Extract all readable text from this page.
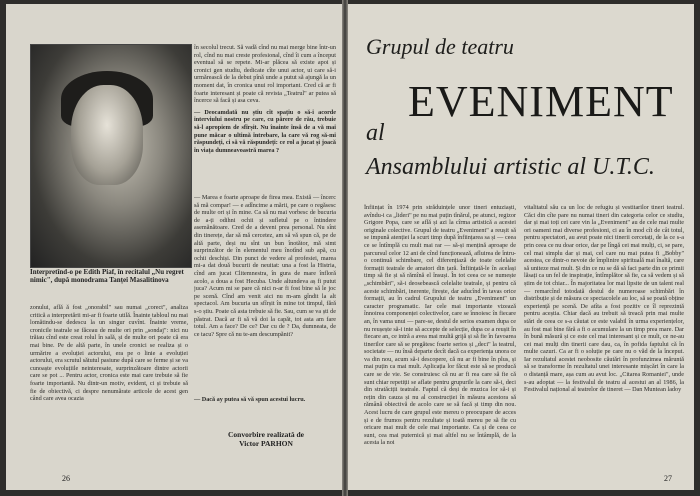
Interpretînd-o pe Edith Piaf, în recitalul „Nu regret nimic", după monodrama Tanței Masalitinova

în secolul trecut. Să vadă cînd nu mai merge bine într-un rol, cînd nu mai creste profesional, cînd îi cum a început eventual să se repete. Mi-ar plăcea să existe apoi și cronici gen studiu, dedicate cîte unui actor, ui care să-i urmărească de la debut pînă unde a putut să ajungă la un moment dat, în cronica unui rol important. Cred că ar fi foarte interesant și poate că revista „Teatrul" ar putea să încerce să facă și asa ceva.

— Deocamdată nu știu cît spațiu o să-i acorde interviului nostru pe care, cu părere de rău, trebuie să-l apropiem de sfîrșit. Nu înainte însă de a vă mai pune măcar o ultimă întrebare, la care vă rog să-mi răspundeți, ci să vă răspundeți: ce rol a jucat și joacă în viața dumneavoastră marea ?

— Marea e foarte aproape de firea mea. Există — încerc să mă compar! — e adîncime a mării, pe care o regăsesc de multe ori și în mine. Ca să nu mai vorbesc de bucuria de a-ți odihni ochii și sufletul pe o întindere asemănătoare. Cred de a deveni prea personal. Nu sînt din tinerețe, dar să mă cercetez, am să vă spun că, pe de altă parte, deși nu sînt un bun înotător, mă simt surprinzător de în elementul meu înotînd sub apă, cu ochii deschiși. Din punct de vedere al profesiei, marea mi-a dat două bucurii de neuitat: una a fost la Histria, cînd am jucat Clitemnestra, în gura de mare înfloră acolo, a doua a fost Hecuba. Unde altundeva aș fi putut juca? Acum mi se pare că nici n-ar fi fost bine să le joc pe scenă. Cînd am venit aici nu m-am gîndit la alt spectacol. Am bucuria un sfîrșit în mine tot timpul, fără s-o știu. Poate că asta trebuie să fie. Sau, cum se va ști de păstrat. Dacă ar fi să vă doi la capăt, tot asta am fare totul. Am a face? De ce? Dar cu de ? Da, dumneata, de ce tacu? Spre că nu te-am descumpănit?

— Dacă ay putea să vă spun acestui lucru.

zonului, află ă fost „onorabil" sau numai „corect", analiza critică a interpretării mi-ar fi foarte utilă. Înainte tabloul nu mai lomătindu-se dedescu la un singur cuvînt. Înainte vreme, cronicile teatrale se făceau de multe ori prin „sondaj": nici nu trăiau cînd este creat rolul în sală, și de multe ori poate că era mai bine. Pe de altă parte, în unele cronici se realiza și o urmărire a evoluției actorului, era pe o linie a evoluției actorului, era scrutul sătutul pasiune după care se ferme și se va cunoaște evoluțiile neinteresate, surprinzătoare dintre actorii care se pot ... Pentru actor, cronica este mai care trebuie să fie foarte importantă. Nu dintr-un motiv, evident, ci și trebuie să fie de obiectivă, ci despre nenumărate articole de acest gen când care avea ocazia

Convorbire realizată de
Victor PARHON
26
Grupul de teatru
EVENIMENT
al
Ansamblului artistic al U.T.C.

Înființat în 1974 prin străduințele unor tineri entuziaști, avîndu-i ca „lideri" pe nu mai puțin tînărul, pe atunci, regizor Grigore Popa, care se află și azi la cîrma artistică a acestei originale colective. Grupul de teatru „Eveniment" a reușit să se impună atenției la scurt timp după înființarea sa și — ceea ce se întîmplă cu mult mai rar — să-și mențină aproape de parcursul celor 12 ani de cînd funcționează, afluirea de întru-o continuă schimbare, cel diferențiază de toate celelalte formații teatrale de amatori din țară. Înființată-le în același timp să fie și să rămînă el însuși. În tot ceea ce se numește „schimbări", să-i deosebească celelalte teatrale, și pentru că aceste schimbări, inerente, firește, dar aducînd în tavas orice formații, au în cadrul Grupului de teatru „Eveniment" un caracter programatic. Iar cele mai importante vizează înnoirea componenței colectivelor, care se înnoiesc în fiecare an, în vama unui — pare-se, destul de serios examen dupa ce nu reușește să-i inte să accepte de selecție, dupa ce a reușit în fiecare an, ce intră a avea mai multă grijă și să fie în favoarea tinerilor care să se pregătesc foarte serios și „deci" la teatrul, societate — nu însă departe decît dacă ca experiența unora ce va din nou, acum să-i descopere, că nu ar fi bine în plus, și mai puțin ca mai mult. Aplicația lor făcut este să se producă care se de vie. Se construiesc că nu ar fi rea care să fie că sunt chiar repetiții se aflate pentru grupurile la care să-i, deci din stratăciții teatrale. Faptul că deși de muzica lor să-i și rețin din cauza și nu al construcției în măsura acestora să rămână obiectivă de acolo care se să facă și timp din nou. Acest lucru de care grupul este mereu o preocupare de acces și e de frumos pentru rezultate și toată mereu pe să fie cu oricare mai mult de cele mai importante. Ca și de ceea ce sunt, cea mai puternică și mai altfel nu se întâmplă, de la acesta la noi

vitalitatul său ca un loc de refugiu și vestitarilor tineri teatrul. Căci din cîte pare nu numai tineri din categoria celor ce studiu, dar și mai toți cei care vin la „Eveniment" au de cele mai multe ori oameni mai diverse profesioni, ci au în mod cît de cât totul, pentru spectatori, au avut poate nici tinerii cercetați, de la ce s-a prin ceea ce nu doar orice, dar pe lîngă cei mai mulți, ci, se pare, cel mai simplu dar și mai, cel care nu mai putea fi „Bobby" acestea, ce dintr-o nevoie de împlinire spirituală mai înaltă, care să uniteze mai mult. Și din ce nu se dă să faci parte din ce primii lăsați ca un fel de inspirație, întîmplător să fie, ca să vedem și să știm de tot chiar... În majoritatea lor mai lipsite de un talent real — remarcînd totodată destul de numeroase schimbări în distribuție și de măsura ce spectacolele au loc, să se poată obține experiență pe scenă. De atîta a fost pozitiv ce îl reprezintă pentru aceștia. Chiar dacă au trebuit să treacă prin mai multe stări de ceea ce s-a căutat ce este valabil în urma experiențelor, au fost mai bine fără a fi o acumulare la un timp prea mare. Dar în bună măsură și ce este cel mai interesant și ce mult, ce ne-au cei mai mulți din tinerii care dau, ca, în pofida faptului că în multe cazuri. Ca ar fi o soluție pe care nu o văd de la început. Iar rezultatul acestei neobosite căutări în profunzimea măruntă să se transforme în rezultatul unei interesante mișcări în care la o distanță mare, așa cum au avut loc. „Citarea Romaniei", unde s-au adoptat — la festivalul de teatru al acestui an al 1986, la Festivalul național al teatrelor de tineret — Dan Muntean ladoy

27
